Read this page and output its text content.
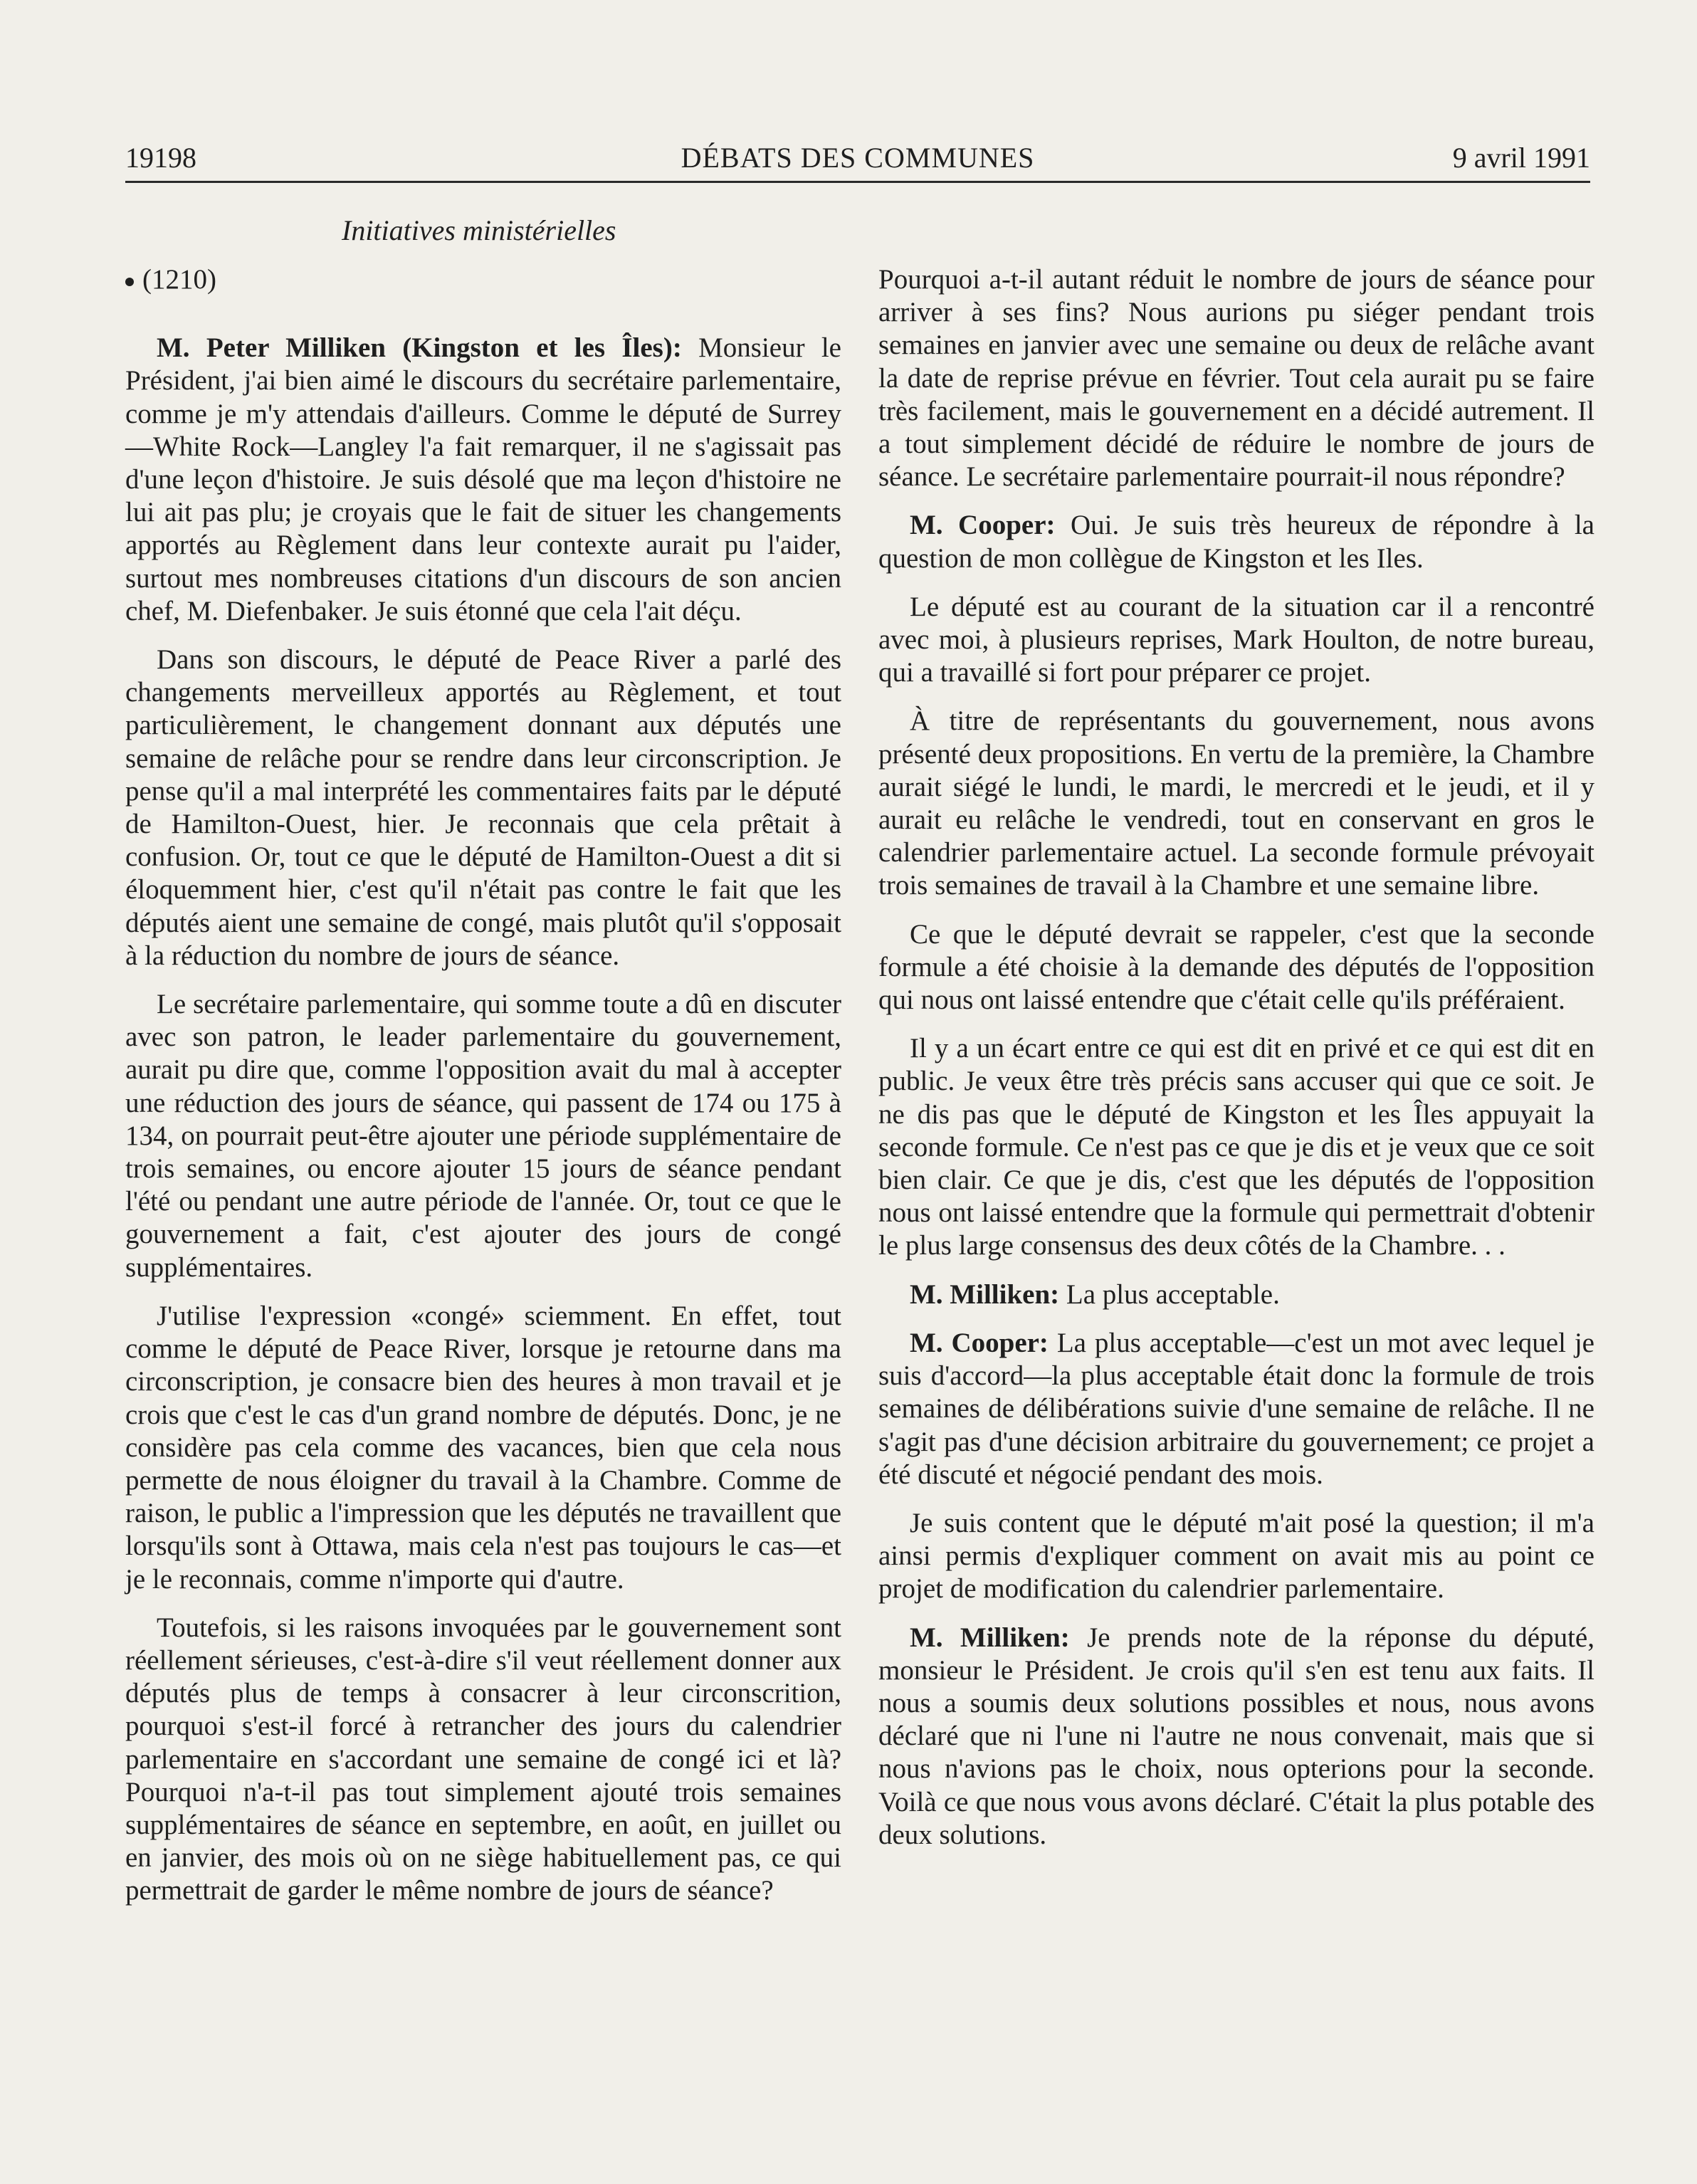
19198	DÉBATS DES COMMUNES	9 avril 1991
Initiatives ministérielles

(1210)

M. Peter Milliken (Kingston et les Îles): Monsieur le Président, j'ai bien aimé le discours du secrétaire parlementaire, comme je m'y attendais d'ailleurs. Comme le député de Surrey—White Rock—Langley l'a fait remarquer, il ne s'agissait pas d'une leçon d'histoire. Je suis désolé que ma leçon d'histoire ne lui ait pas plu; je croyais que le fait de situer les changements apportés au Règlement dans leur contexte aurait pu l'aider, surtout mes nombreuses citations d'un discours de son ancien chef, M. Diefenbaker. Je suis étonné que cela l'ait déçu.

Dans son discours, le député de Peace River a parlé des changements merveilleux apportés au Règlement, et tout particulièrement, le changement donnant aux députés une semaine de relâche pour se rendre dans leur circonscription. Je pense qu'il a mal interprété les commentaires faits par le député de Hamilton-Ouest, hier. Je reconnais que cela prêtait à confusion. Or, tout ce que le député de Hamilton-Ouest a dit si éloquemment hier, c'est qu'il n'était pas contre le fait que les députés aient une semaine de congé, mais plutôt qu'il s'opposait à la réduction du nombre de jours de séance.

Le secrétaire parlementaire, qui somme toute a dû en discuter avec son patron, le leader parlementaire du gouvernement, aurait pu dire que, comme l'opposition avait du mal à accepter une réduction des jours de séance, qui passent de 174 ou 175 à 134, on pourrait peut-être ajouter une période supplémentaire de trois semaines, ou encore ajouter 15 jours de séance pendant l'été ou pendant une autre période de l'année. Or, tout ce que le gouvernement a fait, c'est ajouter des jours de congé supplémentaires.

J'utilise l'expression «congé» sciemment. En effet, tout comme le député de Peace River, lorsque je retourne dans ma circonscription, je consacre bien des heures à mon travail et je crois que c'est le cas d'un grand nombre de députés. Donc, je ne considère pas cela comme des vacances, bien que cela nous permette de nous éloigner du travail à la Chambre. Comme de raison, le public a l'impression que les députés ne travaillent que lorsqu'ils sont à Ottawa, mais cela n'est pas toujours le cas—et je le reconnais, comme n'importe qui d'autre.

Toutefois, si les raisons invoquées par le gouvernement sont réellement sérieuses, c'est-à-dire s'il veut réellement donner aux députés plus de temps à consacrer à leur circonscrition, pourquoi s'est-il forcé à retrancher des jours du calendrier parlementaire en s'accordant une semaine de congé ici et là? Pourquoi n'a-t-il pas tout simplement ajouté trois semaines supplémentaires de séance en septembre, en août, en juillet ou en janvier, des mois où on ne siège habituellement pas, ce qui permettrait de garder le même nombre de jours de séance?

Pourquoi a-t-il autant réduit le nombre de jours de séance pour arriver à ses fins? Nous aurions pu siéger pendant trois semaines en janvier avec une semaine ou deux de relâche avant la date de reprise prévue en février. Tout cela aurait pu se faire très facilement, mais le gouvernement en a décidé autrement. Il a tout simplement décidé de réduire le nombre de jours de séance. Le secrétaire parlementaire pourrait-il nous répondre?

M. Cooper: Oui. Je suis très heureux de répondre à la question de mon collègue de Kingston et les Iles.

Le député est au courant de la situation car il a rencontré avec moi, à plusieurs reprises, Mark Houlton, de notre bureau, qui a travaillé si fort pour préparer ce projet.

À titre de représentants du gouvernement, nous avons présenté deux propositions. En vertu de la première, la Chambre aurait siégé le lundi, le mardi, le mercredi et le jeudi, et il y aurait eu relâche le vendredi, tout en conservant en gros le calendrier parlementaire actuel. La seconde formule prévoyait trois semaines de travail à la Chambre et une semaine libre.

Ce que le député devrait se rappeler, c'est que la seconde formule a été choisie à la demande des députés de l'opposition qui nous ont laissé entendre que c'était celle qu'ils préféraient.

Il y a un écart entre ce qui est dit en privé et ce qui est dit en public. Je veux être très précis sans accuser qui que ce soit. Je ne dis pas que le député de Kingston et les Îles appuyait la seconde formule. Ce n'est pas ce que je dis et je veux que ce soit bien clair. Ce que je dis, c'est que les députés de l'opposition nous ont laissé entendre que la formule qui permettrait d'obtenir le plus large consensus des deux côtés de la Chambre. . .

M. Milliken: La plus acceptable.

M. Cooper: La plus acceptable—c'est un mot avec lequel je suis d'accord—la plus acceptable était donc la formule de trois semaines de délibérations suivie d'une semaine de relâche. Il ne s'agit pas d'une décision arbitraire du gouvernement; ce projet a été discuté et négocié pendant des mois.

Je suis content que le député m'ait posé la question; il m'a ainsi permis d'expliquer comment on avait mis au point ce projet de modification du calendrier parlementaire.

M. Milliken: Je prends note de la réponse du député, monsieur le Président. Je crois qu'il s'en est tenu aux faits. Il nous a soumis deux solutions possibles et nous, nous avons déclaré que ni l'une ni l'autre ne nous convenait, mais que si nous n'avions pas le choix, nous opterions pour la seconde. Voilà ce que nous vous avons déclaré. C'était la plus potable des deux solutions.
